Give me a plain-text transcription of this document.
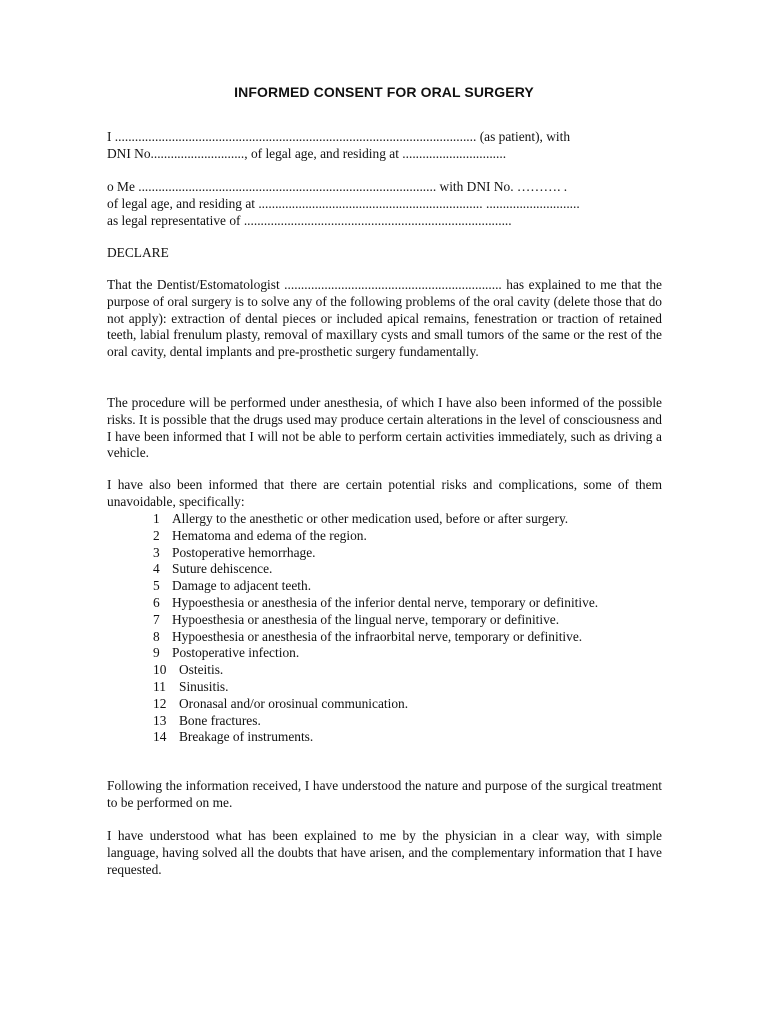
INFORMED CONSENT FOR ORAL SURGERY
I ............................................................................................................ (as patient), with
DNI No............................, of legal age, and residing at ...............................
o Me ......................................................................................... with DNI No. ………. .
of legal age, and residing at ................................................................... ............................
as legal representative of ................................................................................
DECLARE
That the Dentist/Estomatologist ................................................................. has explained to me that the purpose of oral surgery is to solve any of the following problems of the oral cavity (delete those that do not apply): extraction of dental pieces or included apical remains, fenestration or traction of retained teeth, labial frenulum plasty, removal of maxillary cysts and small tumors of the same or the rest of the oral cavity, dental implants and pre-prosthetic surgery fundamentally.
The procedure will be performed under anesthesia, of which I have also been informed of the possible risks. It is possible that the drugs used may produce certain alterations in the level of consciousness and I have been informed that I will not be able to perform certain activities immediately, such as driving a vehicle.
I have also been informed that there are certain potential risks and complications, some of them unavoidable, specifically:
1 Allergy to the anesthetic or other medication used, before or after surgery.
2 Hematoma and edema of the region.
3 Postoperative hemorrhage.
4 Suture dehiscence.
5 Damage to adjacent teeth.
6 Hypoesthesia or anesthesia of the inferior dental nerve, temporary or definitive.
7 Hypoesthesia or anesthesia of the lingual nerve, temporary or definitive.
8 Hypoesthesia or anesthesia of the infraorbital nerve, temporary or definitive.
9 Postoperative infection.
10 Osteitis.
11 Sinusitis.
12 Oronasal and/or orosinual communication.
13 Bone fractures.
14 Breakage of instruments.
Following the information received, I have understood the nature and purpose of the surgical treatment to be performed on me.
I have understood what has been explained to me by the physician in a clear way, with simple language, having solved all the doubts that have arisen, and the complementary information that I have requested.
